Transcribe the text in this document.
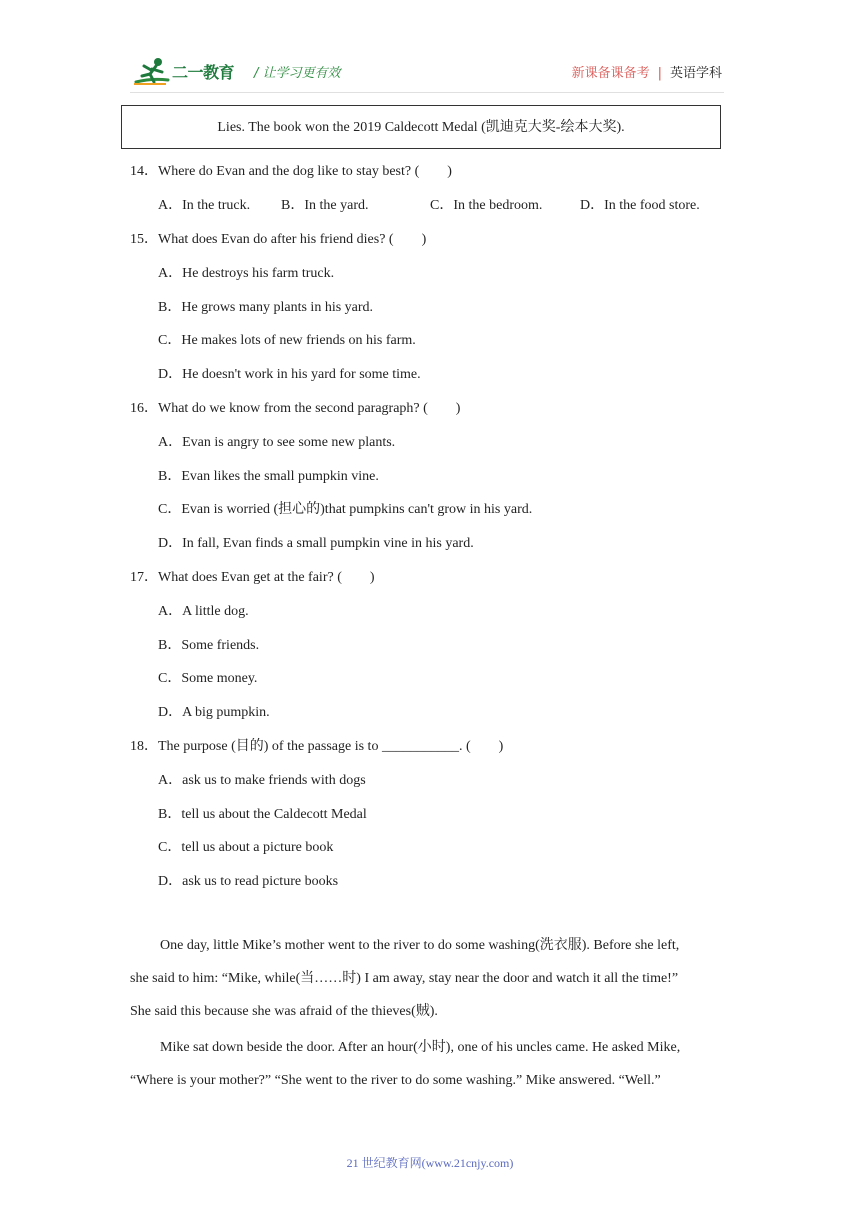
二一教育 / 让学习更有效	新课备课备考 | 英语学科
Lies. The book won the 2019 Caldecott Medal (凯迪克大奖-绘本大奖).
14．Where do Evan and the dog like to stay best? (　　)
A．In the truck. B．In the yard.	C．In the bedroom.	D．In the food store.
15．What does Evan do after his friend dies? (　　)
A．He destroys his farm truck.
B．He grows many plants in his yard.
C．He makes lots of new friends on his farm.
D．He doesn't work in his yard for some time.
16．What do we know from the second paragraph? (　　)
A．Evan is angry to see some new plants.
B．Evan likes the small pumpkin vine.
C．Evan is worried (担心的)that pumpkins can't grow in his yard.
D．In fall, Evan finds a small pumpkin vine in his yard.
17．What does Evan get at the fair? (　　)
A．A little dog.
B．Some friends.
C．Some money.
D．A big pumpkin.
18．The purpose (目的) of the passage is to ___________. (　　)
A．ask us to make friends with dogs
B．tell us about the Caldecott Medal
C．tell us about a picture book
D．ask us to read picture books
One day, little Mike’s mother went to the river to do some washing(洗衣服). Before she left,
she said to him: “Mike, while(当……时) I am away, stay near the door and watch it all the time!”
She said this because she was afraid of the thieves(贼).
Mike sat down beside the door. After an hour(小时), one of his uncles came. He asked Mike,
“Where is your mother?” “She went to the river to do some washing.” Mike answered. “Well.”
21 世纪教育网(www.21cnjy.com)
